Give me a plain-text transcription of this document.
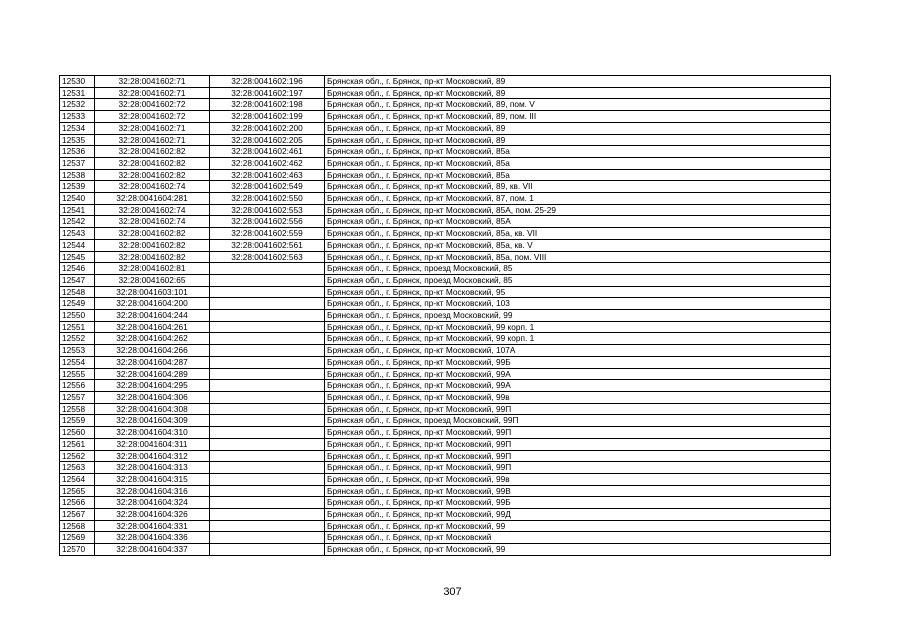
12530	32:28:0041602:71	32:28:0041602:196	Брянская обл., г. Брянск, пр-кт Московский, 89
12531	32:28:0041602:71	32:28:0041602:197	Брянская обл., г. Брянск, пр-кт Московский, 89
12532	32:28:0041602:72	32:28:0041602:198	Брянская обл., г. Брянск, пр-кт Московский, 89, пом. V
12533	32:28:0041602:72	32:28:0041602:199	Брянская обл., г. Брянск, пр-кт Московский, 89, пом. III
12534	32:28:0041602:71	32:28:0041602:200	Брянская обл., г. Брянск, пр-кт Московский, 89
12535	32:28:0041602:71	32:28:0041602:205	Брянская обл., г. Брянск, пр-кт Московский, 89
12536	32:28:0041602:82	32:28:0041602:461	Брянская обл., г. Брянск, пр-кт Московский, 85а
12537	32:28:0041602:82	32:28:0041602:462	Брянская обл., г. Брянск, пр-кт Московский, 85а
12538	32:28:0041602:82	32:28:0041602:463	Брянская обл., г. Брянск, пр-кт Московский, 85а
12539	32:28:0041602:74	32:28:0041602:549	Брянская обл., г. Брянск, пр-кт Московский, 89, кв. VII
12540	32:28:0041604:281	32:28:0041602:550	Брянская обл., г. Брянск, пр-кт Московский, 87, пом. 1
12541	32:28:0041602:74	32:28:0041602:553	Брянская обл., г. Брянск, пр-кт Московский, 85А, пом. 25-29
12542	32:28:0041602:74	32:28:0041602:556	Брянская обл., г. Брянск, пр-кт Московский, 85А
12543	32:28:0041602:82	32:28:0041602:559	Брянская обл., г. Брянск, пр-кт Московский, 85а, кв. VII
12544	32:28:0041602:82	32:28:0041602:561	Брянская обл., г. Брянск, пр-кт Московский, 85а, кв. V
12545	32:28:0041602:82	32:28:0041602:563	Брянская обл., г. Брянск, пр-кт Московский, 85а, пом. VIII
12546	32:28:0041602:81		Брянская обл., г. Брянск, проезд Московский, 85
12547	32:28:0041602:65		Брянская обл., г. Брянск, проезд Московский, 85
12548	32:28:0041603:101		Брянская обл., г. Брянск, пр-кт Московский, 95
12549	32:28:0041604:200		Брянская обл., г. Брянск, пр-кт Московский, 103
12550	32:28:0041604:244		Брянская обл., г. Брянск, проезд Московский, 99
12551	32:28:0041604:261		Брянская обл., г. Брянск, пр-кт Московский, 99 корп. 1
12552	32:28:0041604:262		Брянская обл., г. Брянск, пр-кт Московский, 99 корп. 1
12553	32:28:0041604:266		Брянская обл., г. Брянск, пр-кт Московский, 107А
12554	32:28:0041604:287		Брянская обл., г. Брянск, пр-кт Московский, 99Б
12555	32:28:0041604:289		Брянская обл., г. Брянск, пр-кт Московский, 99А
12556	32:28:0041604:295		Брянская обл., г. Брянск, пр-кт Московский, 99А
12557	32:28:0041604:306		Брянская обл., г. Брянск, пр-кт Московский, 99в
12558	32:28:0041604:308		Брянская обл., г. Брянск, пр-кт Московский, 99П
12559	32:28:0041604:309		Брянская обл., г. Брянск, проезд Московский, 99П
12560	32:28:0041604:310		Брянская обл., г. Брянск, пр-кт Московский, 99П
12561	32:28:0041604:311		Брянская обл., г. Брянск, пр-кт Московский, 99П
12562	32:28:0041604:312		Брянская обл., г. Брянск, пр-кт Московский, 99П
12563	32:28:0041604:313		Брянская обл., г. Брянск, пр-кт Московский, 99П
12564	32:28:0041604:315		Брянская обл., г. Брянск, пр-кт Московский, 99в
12565	32:28:0041604:316		Брянская обл., г. Брянск, пр-кт Московский, 99В
12566	32:28:0041604:324		Брянская обл., г. Брянск, пр-кт Московский, 99Б
12567	32:28:0041604:326		Брянская обл., г. Брянск, пр-кт Московский, 99Д
12568	32:28:0041604:331		Брянская обл., г. Брянск, пр-кт Московский, 99
12569	32:28:0041604:336		Брянская обл., г. Брянск, пр-кт Московский
12570	32:28:0041604:337		Брянская обл., г. Брянск, пр-кт Московский, 99
307
